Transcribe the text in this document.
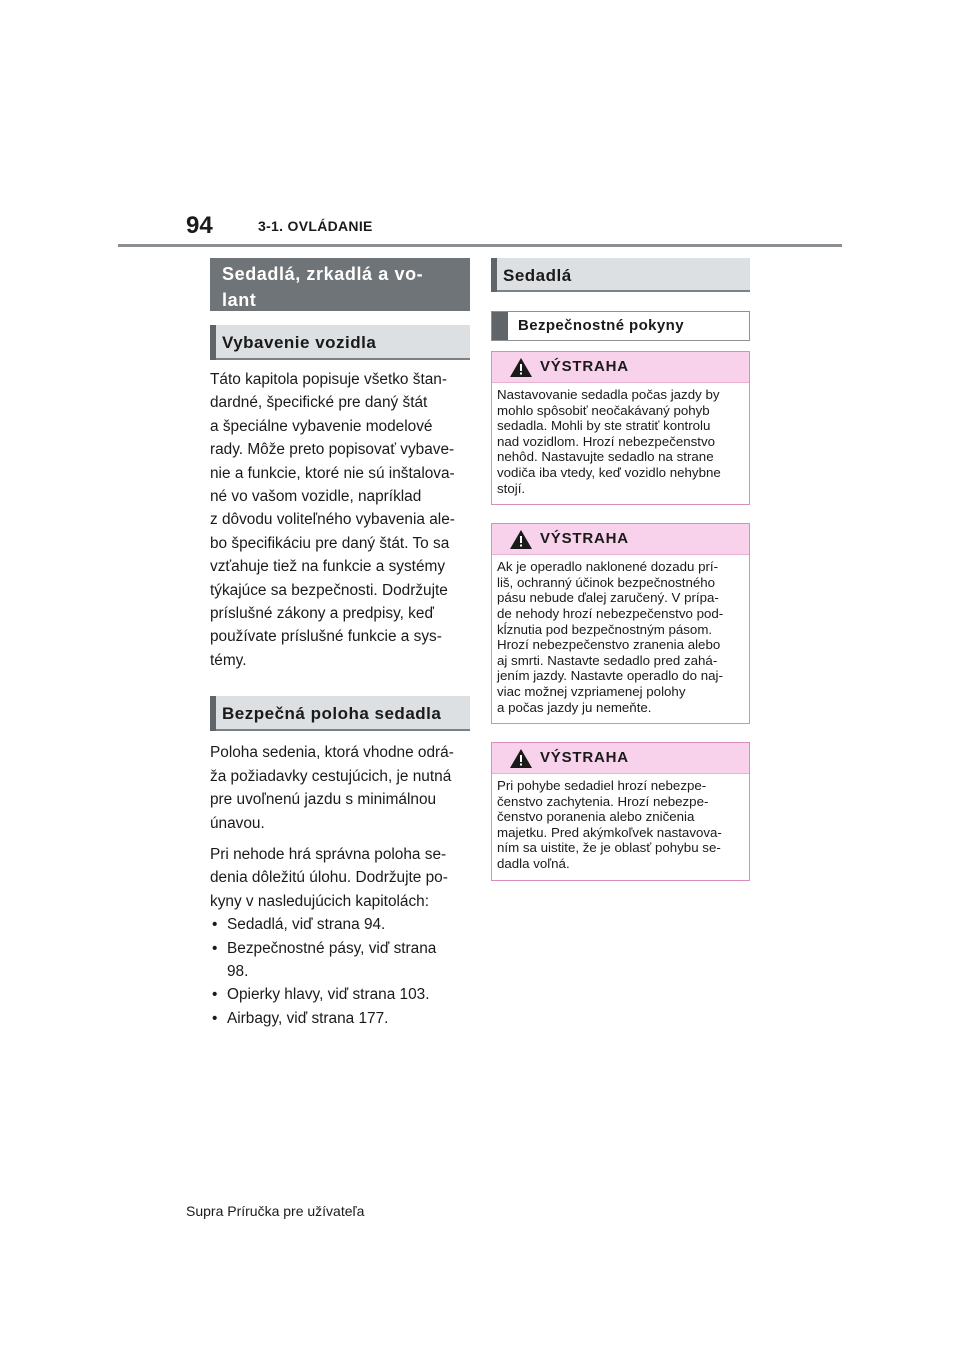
94	3-1. OVLÁDANIE
Sedadlá, zrkadlá a vo-
lant
Vybavenie vozidla

Táto kapitola popisuje všetko štan-
dardné, špecifické pre daný štát
a špeciálne vybavenie modelové
rady. Môže preto popisovať vybave-
nie a funkcie, ktoré nie sú inštalova-
né vo vašom vozidle, napríklad
z dôvodu voliteľného vybavenia ale-
bo špecifikáciu pre daný štát. To sa
vzťahuje tiež na funkcie a systémy
týkajúce sa bezpečnosti. Dodržujte
príslušné zákony a predpisy, keď
používate príslušné funkcie a sys-
témy.

Bezpečná poloha sedadla

Poloha sedenia, ktorá vhodne odrá-
ža požiadavky cestujúcich, je nutná
pre uvoľnenú jazdu s minimálnou
únavou.

Pri nehode hrá správna poloha se-
denia dôležitú úlohu. Dodržujte po-
kyny v nasledujúcich kapitolách:

• Sedadlá, viď strana 94.
• Bezpečnostné pásy, viď strana
98.
• Opierky hlavy, viď strana 103.
• Airbagy, viď strana 177.
Sedadlá
Bezpečnostné pokyny
VÝSTRAHA
Nastavovanie sedadla počas jazdy by
mohlo spôsobiť neočakávaný pohyb
sedadla. Mohli by ste stratiť kontrolu
nad vozidlom. Hrozí nebezpečenstvo
nehôd. Nastavujte sedadlo na strane
vodiča iba vtedy, keď vozidlo nehybne
stojí.
VÝSTRAHA
Ak je operadlo naklonené dozadu prí-
liš, ochranný účinok bezpečnostného
pásu nebude ďalej zaručený. V prípa-
de nehody hrozí nebezpečenstvo pod-
kĺznutia pod bezpečnostným pásom.
Hrozí nebezpečenstvo zranenia alebo
aj smrti. Nastavte sedadlo pred zahá-
jením jazdy. Nastavte operadlo do naj-
viac možnej vzpriamenej polohy
a počas jazdy ju nemeňte.
VÝSTRAHA
Pri pohybe sedadiel hrozí nebezpe-
čenstvo zachytenia. Hrozí nebezpe-
čenstvo poranenia alebo zničenia
majetku. Pred akýmkoľvek nastavova-
ním sa uistite, že je oblasť pohybu se-
dadla voľná.
Supra Príručka pre užívateľa
